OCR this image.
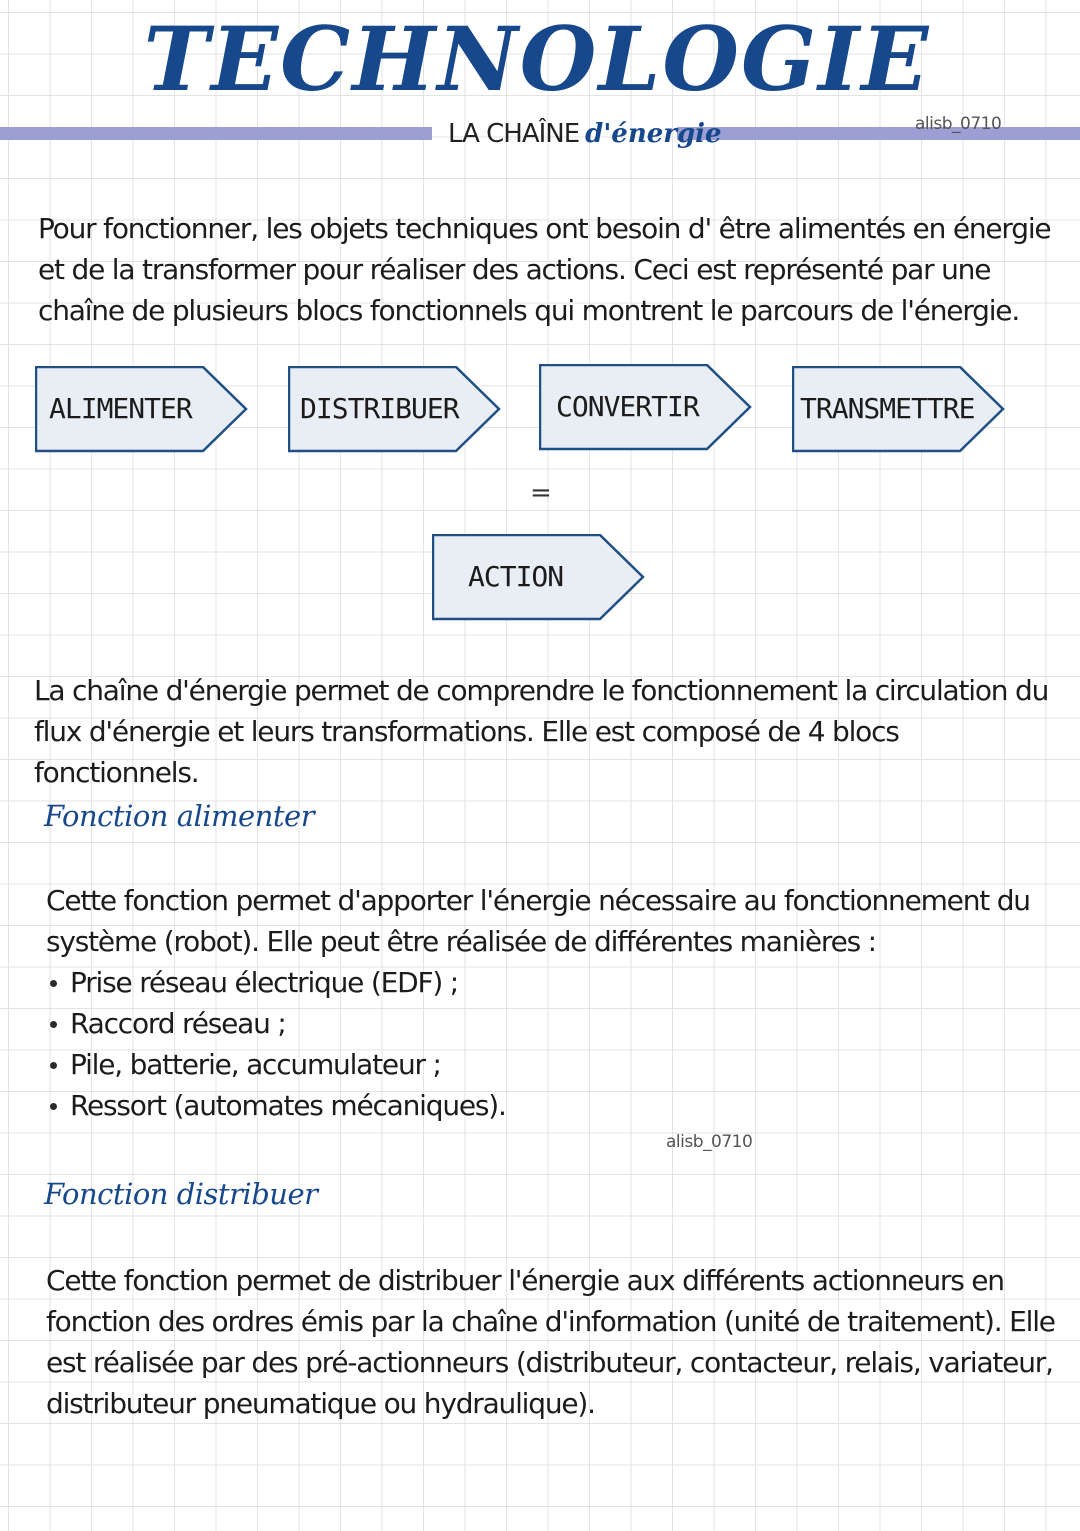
TECHNOLOGIE
LA CHAÎNE d'énergie	alisb_0710
Pour fonctionner, les objets techniques ont besoin d' être alimentés en énergie et de la transformer pour réaliser des actions. Ceci est représenté par une chaîne de plusieurs blocs fonctionnels qui montrent le parcours de l'énergie.
ALIMENTER	DISTRIBUER	CONVERTIR	TRANSMETTRE
=
ACTION
La chaîne d'énergie permet de comprendre le fonctionnement la circulation du flux d'énergie et leurs transformations. Elle est composé de 4 blocs fonctionnels.
Fonction alimenter
Cette fonction permet d'apporter l'énergie nécessaire au fonctionnement du système (robot). Elle peut être réalisée de différentes manières :
Prise réseau électrique (EDF) ;
Raccord réseau ;
Pile, batterie, accumulateur ;
Ressort (automates mécaniques).
alisb_0710
Fonction distribuer
Cette fonction permet de distribuer l'énergie aux différents actionneurs en fonction des ordres émis par la chaîne d'information (unité de traitement). Elle est réalisée par des pré-actionneurs (distributeur, contacteur, relais, variateur, distributeur pneumatique ou hydraulique).
